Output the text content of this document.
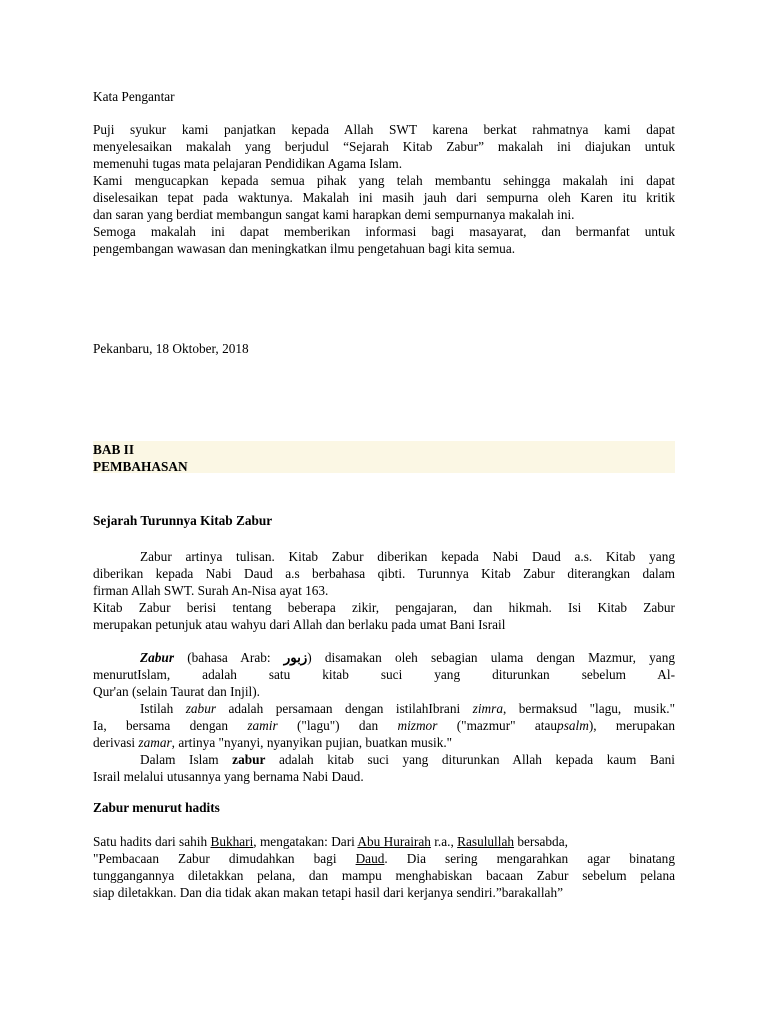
Kata Pengantar

Puji syukur kami panjatkan kepada Allah SWT karena berkat rahmatnya kami dapat

menyelesaikan makalah yang berjudul “Sejarah Kitab Zabur” makalah ini diajukan untuk

memenuhi tugas mata pelajaran Pendidikan Agama Islam.

Kami mengucapkan kepada semua pihak yang telah membantu sehingga makalah ini dapat

diselesaikan tepat pada waktunya. Makalah ini masih jauh dari sempurna oleh Karen itu kritik

dan saran yang berdiat membangun sangat kami harapkan demi sempurnanya makalah ini.

Semoga makalah ini dapat memberikan informasi bagi masayarat, dan bermanfat untuk

pengembangan wawasan dan meningkatkan ilmu pengetahuan bagi kita semua.

Pekanbaru, 18 Oktober, 2018

BAB II

PEMBAHASAN

Sejarah Turunnya Kitab Zabur

Zabur artinya tulisan. Kitab Zabur diberikan kepada Nabi Daud a.s. Kitab yang

diberikan kepada Nabi Daud a.s berbahasa qibti. Turunnya Kitab Zabur diterangkan dalam

firman Allah SWT. Surah An-Nisa ayat 163.

Kitab Zabur berisi tentang beberapa zikir, pengajaran, dan hikmah. Isi Kitab Zabur

merupakan petunjuk atau wahyu dari Allah dan berlaku pada umat Bani Israil

Zabur (bahasa Arab: زبور) disamakan oleh sebagian ulama dengan Mazmur, yang

menurutIslam, adalah satu kitab suci yang diturunkan sebelum Al-

Qur'an (selain Taurat dan Injil).

Istilah zabur adalah persamaan dengan istilahIbrani zimra, bermaksud "lagu, musik."

Ia, bersama dengan zamir ("lagu") dan mizmor ("mazmur" ataupsalm), merupakan

derivasi zamar, artinya "nyanyi, nyanyikan pujian, buatkan musik."

Dalam Islam zabur adalah kitab suci yang diturunkan Allah kepada kaum Bani

Israil melalui utusannya yang bernama Nabi Daud.

Zabur menurut hadits

Satu hadits dari sahih Bukhari, mengatakan: Dari Abu Hurairah r.a., Rasulullah bersabda,

"Pembacaan Zabur dimudahkan bagi Daud. Dia sering mengarahkan agar binatang

tunggangannya diletakkan pelana, dan mampu menghabiskan bacaan Zabur sebelum pelana

siap diletakkan. Dan dia tidak akan makan tetapi hasil dari kerjanya sendiri.”barakallah”
